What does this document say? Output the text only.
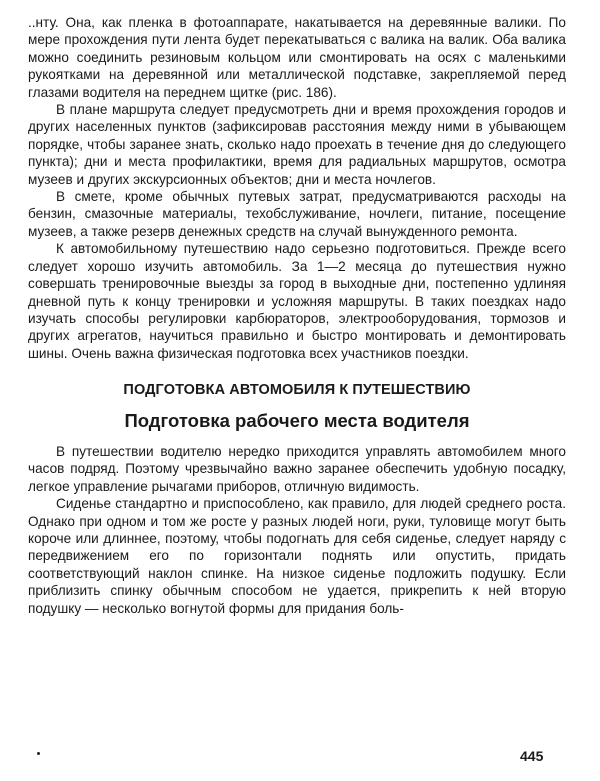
..нту. Она, как пленка в фотоаппарате, накатывается на деревянные валики. По мере прохождения пути лента будет перекатываться с валика на валик. Оба валика можно соединить резиновым кольцом или смонтировать на осях с маленькими рукоятками на деревянной или металлической подставке, закрепляемой перед глазами водителя на переднем щитке (рис. 186).

В плане маршрута следует предусмотреть дни и время прохождения городов и других населенных пунктов (зафиксировав расстояния между ними в убывающем порядке, чтобы заранее знать, сколько надо проехать в течение дня до следующего пункта); дни и места профилактики, время для радиальных маршрутов, осмотра музеев и других экскурсионных объектов; дни и места ночлегов.

В смете, кроме обычных путевых затрат, предусматриваются расходы на бензин, смазочные материалы, техобслуживание, ночлеги, питание, посещение музеев, а также резерв денежных средств на случай вынужденного ремонта.

К автомобильному путешествию надо серьезно подготовиться. Прежде всего следует хорошо изучить автомобиль. За 1—2 месяца до путешествия нужно совершать тренировочные выезды за город в выходные дни, постепенно удлиняя дневной путь к концу тренировки и усложняя маршруты. В таких поездках надо изучать способы регулировки карбюраторов, электрооборудования, тормозов и других агрегатов, научиться правильно и быстро монтировать и демонтировать шины. Очень важна физическая подготовка всех участников поездки.

ПОДГОТОВКА АВТОМОБИЛЯ К ПУТЕШЕСТВИЮ
Подготовка рабочего места водителя

В путешествии водителю нередко приходится управлять автомобилем много часов подряд. Поэтому чрезвычайно важно заранее обеспечить удобную посадку, легкое управление рычагами приборов, отличную видимость.

Сиденье стандартно и приспособлено, как правило, для людей среднего роста. Однако при одном и том же росте у разных людей ноги, руки, туловище могут быть короче или длиннее, поэтому, чтобы подогнать для себя сиденье, следует наряду с передвижением его по горизонтали поднять или опустить, придать соответствующий наклон спинке. На низкое сиденье подложить подушку. Если приблизить спинку обычным способом не удается, прикрепить к ней вторую подушку — несколько вогнутой формы для придания боль-

445
